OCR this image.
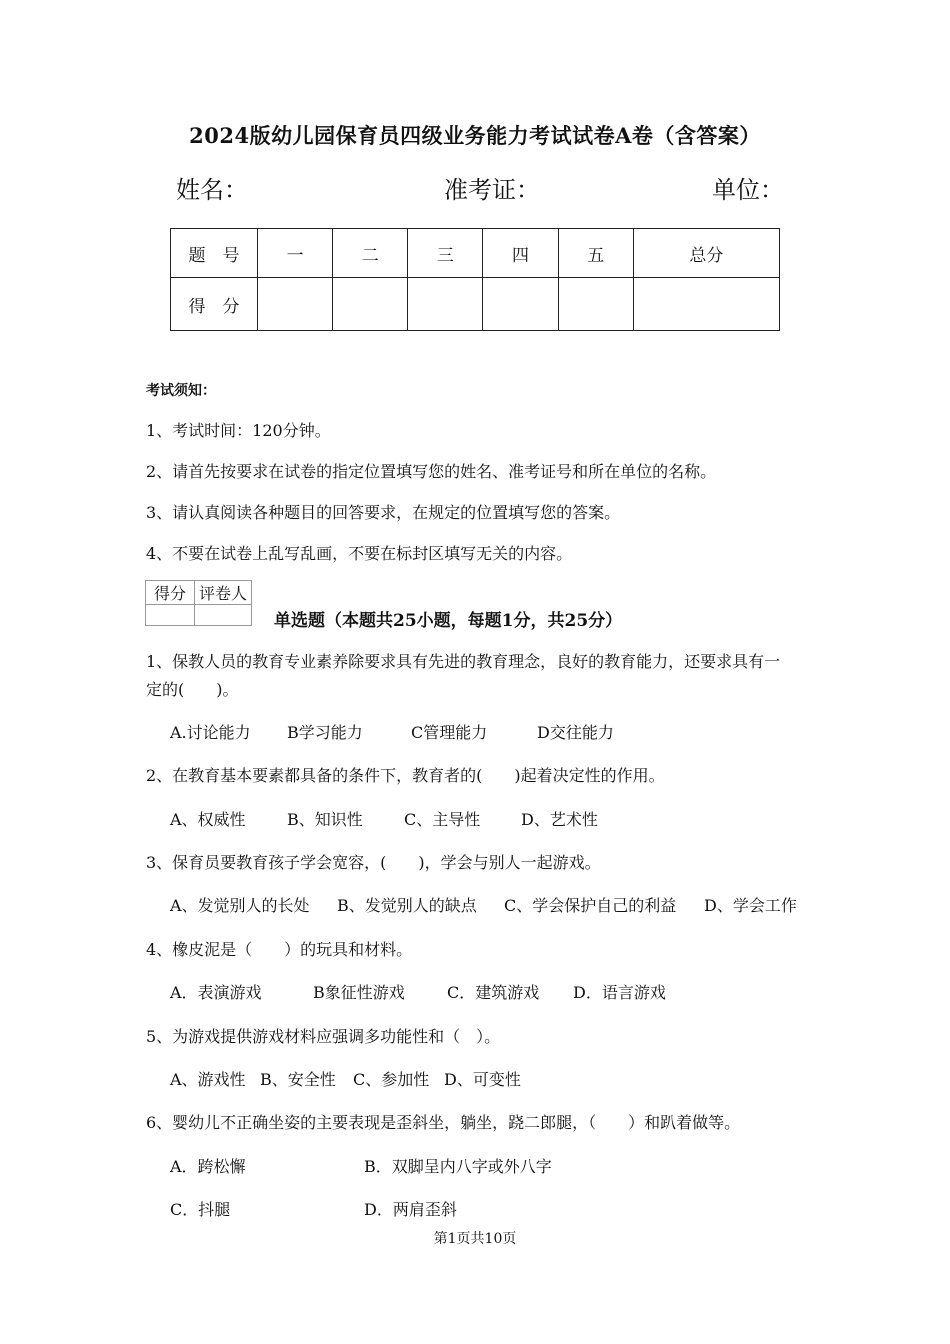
2024版幼儿园保育员四级业务能力考试试卷A卷（含答案）
姓名：	准考证：	单位：
题　号	一	二	三	四	五	总分
得　分						
考试须知：
1、考试时间：120分钟。
2、请首先按要求在试卷的指定位置填写您的姓名、准考证号和所在单位的名称。
3、请认真阅读各种题目的回答要求，在规定的位置填写您的答案。
4、不要在试卷上乱写乱画，不要在标封区填写无关的内容。
得分	评卷人

单选题（本题共25小题，每题1分，共25分）
1、保教人员的教育专业素养除要求具有先进的教育理念，良好的教育能力，还要求具有一
定的(　　)。
A.讨论能力 B学习能力	C管理能力	D交往能力
2、在教育基本要素都具备的条件下，教育者的(　　)起着决定性的作用。
A、权威性	B、知识性	C、主导性	D、艺术性
3、保育员要教育孩子学会宽容，(　　)，学会与别人一起游戏。
A、发觉别人的长处 B、发觉别人的缺点 C、学会保护自己的利益 D、学会工作
4、橡皮泥是（　　）的玩具和材料。
A．表演游戏	B象征性游戏	C．建筑游戏 D．语言游戏
5、为游戏提供游戏材料应强调多功能性和（　）。
A、游戏性 B、安全性 C、参加性 D、可变性
6、婴幼儿不正确坐姿的主要表现是歪斜坐，躺坐，跷二郎腿，（　　）和趴着做等。
A．跨松懈	B．双脚呈内八字或外八字
C．抖腿	D．两肩歪斜
第1页共10页
